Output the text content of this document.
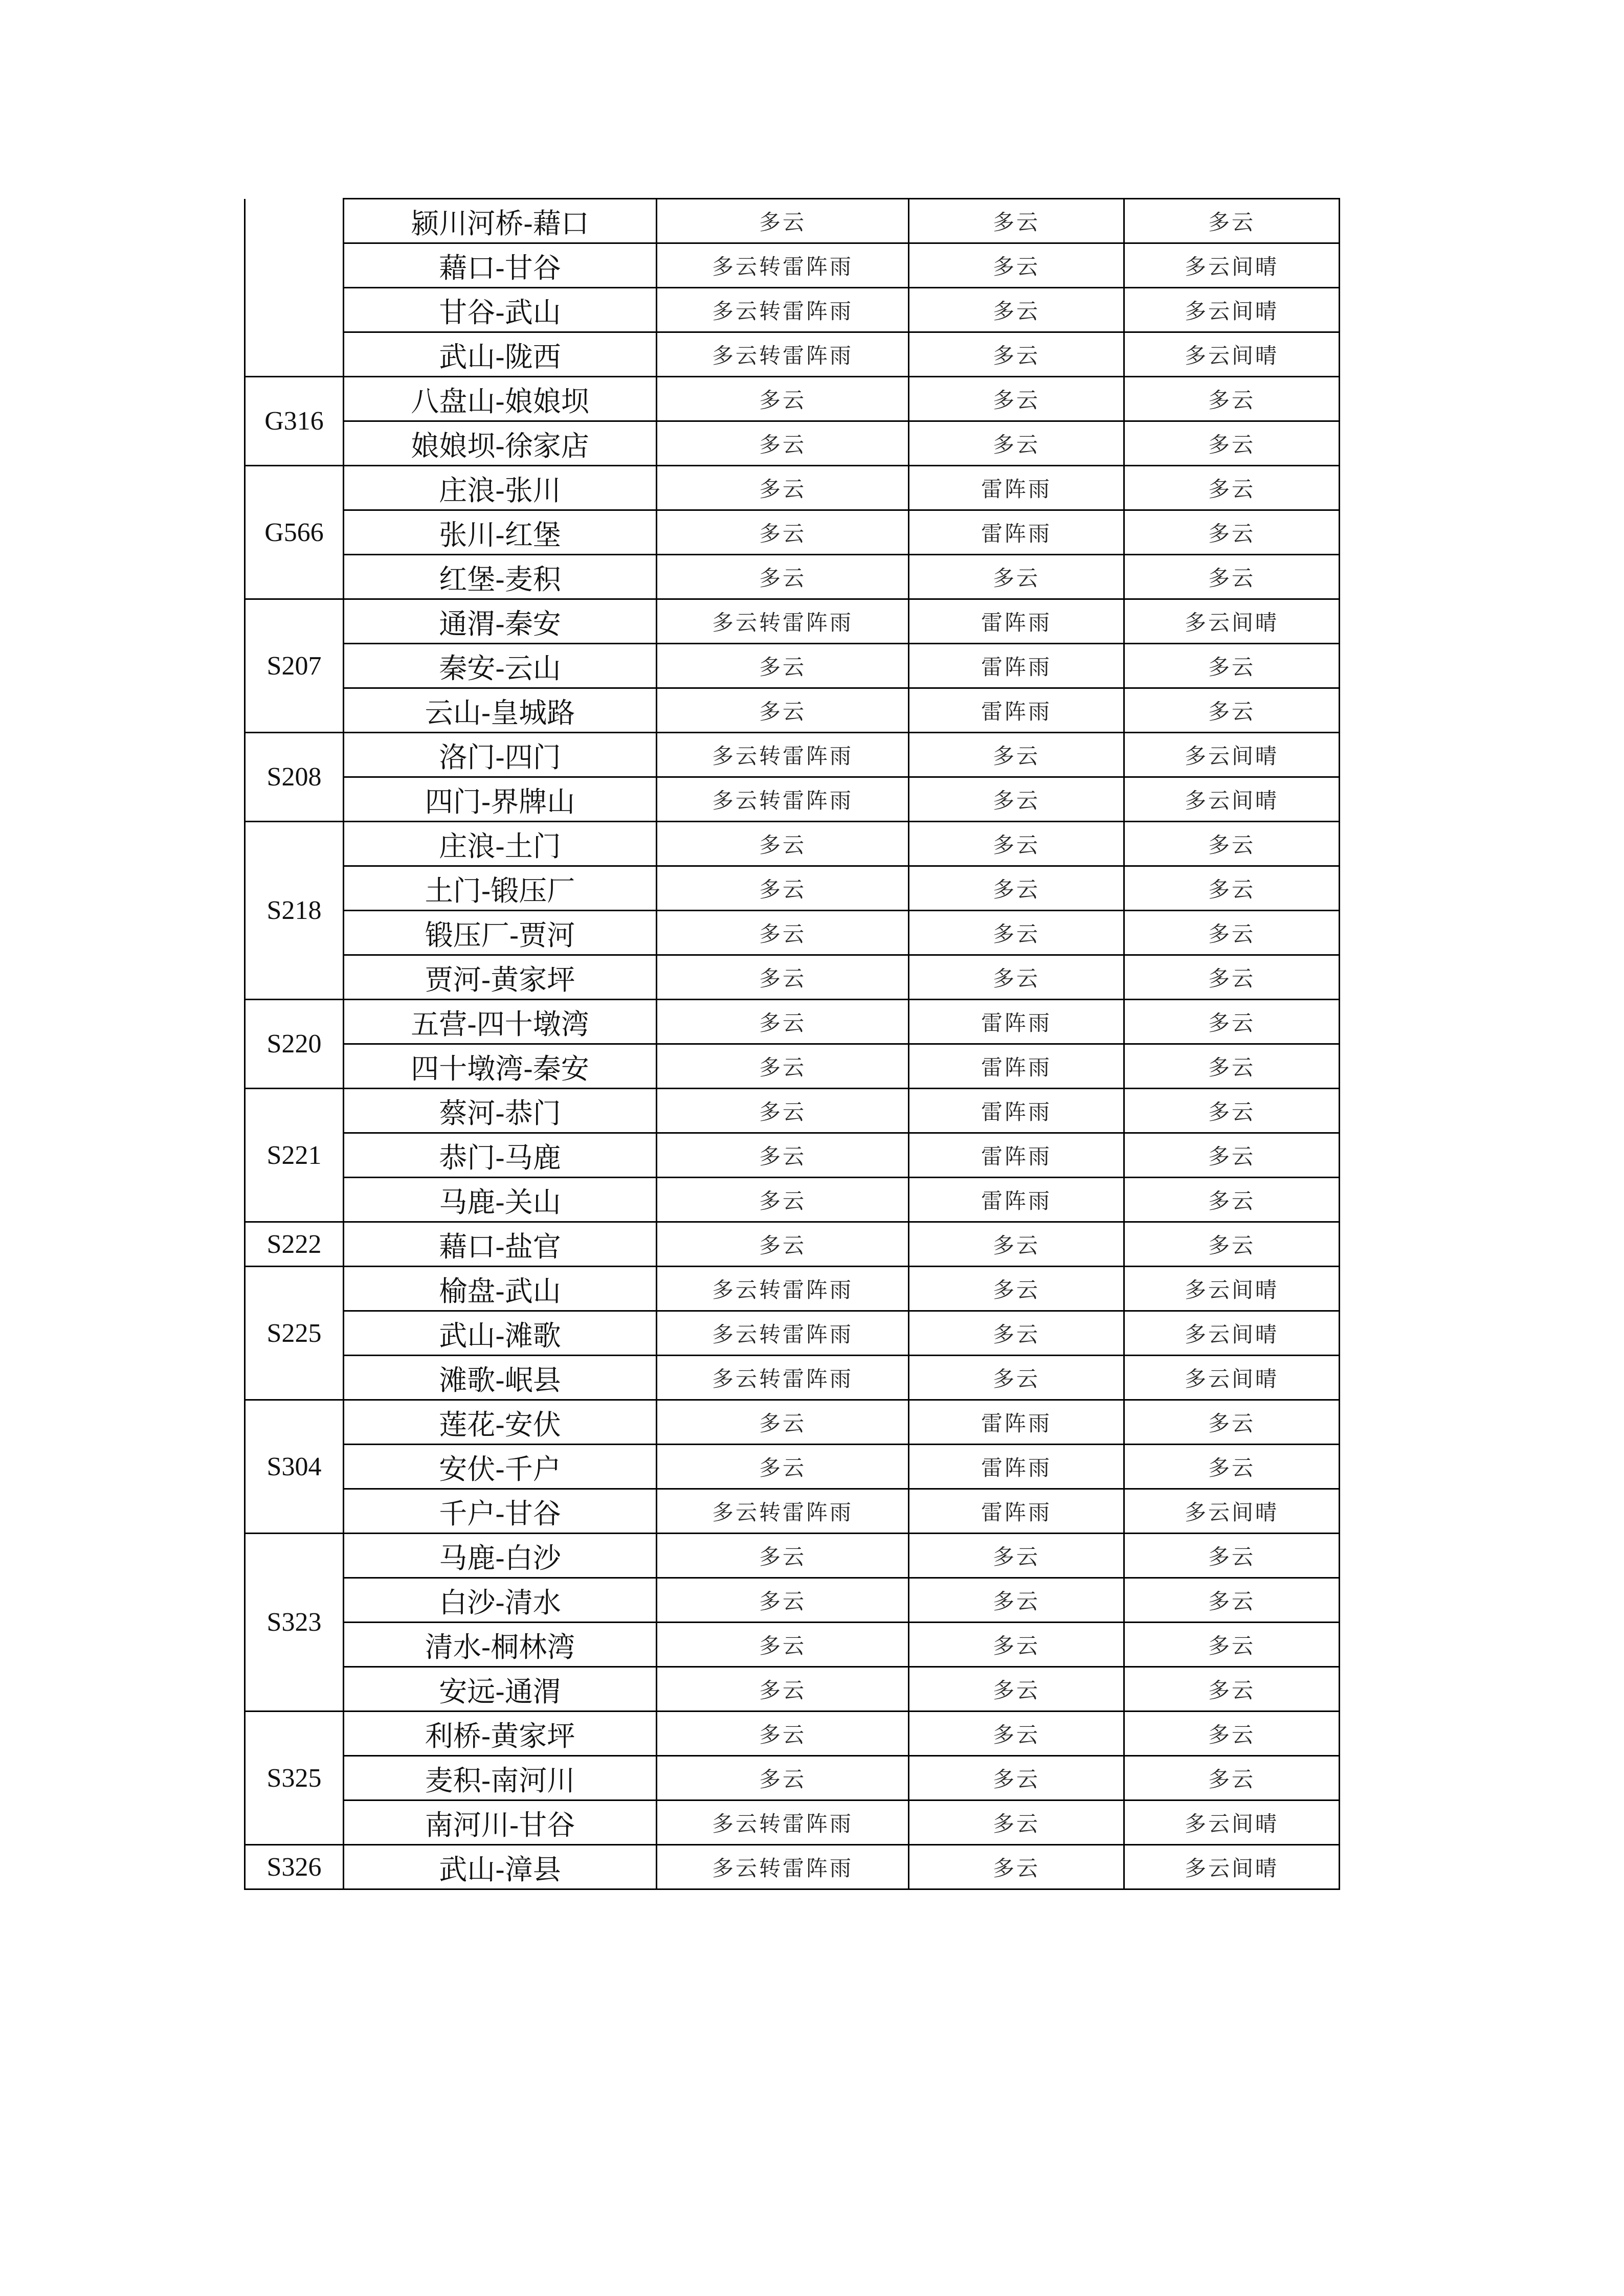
	颍川河桥-藉口	多云	多云	多云
	藉口-甘谷	多云转雷阵雨	多云	多云间晴
	甘谷-武山	多云转雷阵雨	多云	多云间晴
	武山-陇西	多云转雷阵雨	多云	多云间晴
G316	八盘山-娘娘坝	多云	多云	多云
	娘娘坝-徐家店	多云	多云	多云
G566	庄浪-张川	多云	雷阵雨	多云
	张川-红堡	多云	雷阵雨	多云
	红堡-麦积	多云	多云	多云
S207	通渭-秦安	多云转雷阵雨	雷阵雨	多云间晴
	秦安-云山	多云	雷阵雨	多云
	云山-皇城路	多云	雷阵雨	多云
S208	洛门-四门	多云转雷阵雨	多云	多云间晴
	四门-界牌山	多云转雷阵雨	多云	多云间晴
S218	庄浪-土门	多云	多云	多云
	土门-锻压厂	多云	多云	多云
	锻压厂-贾河	多云	多云	多云
	贾河-黄家坪	多云	多云	多云
S220	五营-四十墩湾	多云	雷阵雨	多云
	四十墩湾-秦安	多云	雷阵雨	多云
S221	蔡河-恭门	多云	雷阵雨	多云
	恭门-马鹿	多云	雷阵雨	多云
	马鹿-关山	多云	雷阵雨	多云
S222	藉口-盐官	多云	多云	多云
S225	榆盘-武山	多云转雷阵雨	多云	多云间晴
	武山-滩歌	多云转雷阵雨	多云	多云间晴
	滩歌-岷县	多云转雷阵雨	多云	多云间晴
S304	莲花-安伏	多云	雷阵雨	多云
	安伏-千户	多云	雷阵雨	多云
	千户-甘谷	多云转雷阵雨	雷阵雨	多云间晴
S323	马鹿-白沙	多云	多云	多云
	白沙-清水	多云	多云	多云
	清水-桐林湾	多云	多云	多云
	安远-通渭	多云	多云	多云
S325	利桥-黄家坪	多云	多云	多云
	麦积-南河川	多云	多云	多云
	南河川-甘谷	多云转雷阵雨	多云	多云间晴
S326	武山-漳县	多云转雷阵雨	多云	多云间晴
